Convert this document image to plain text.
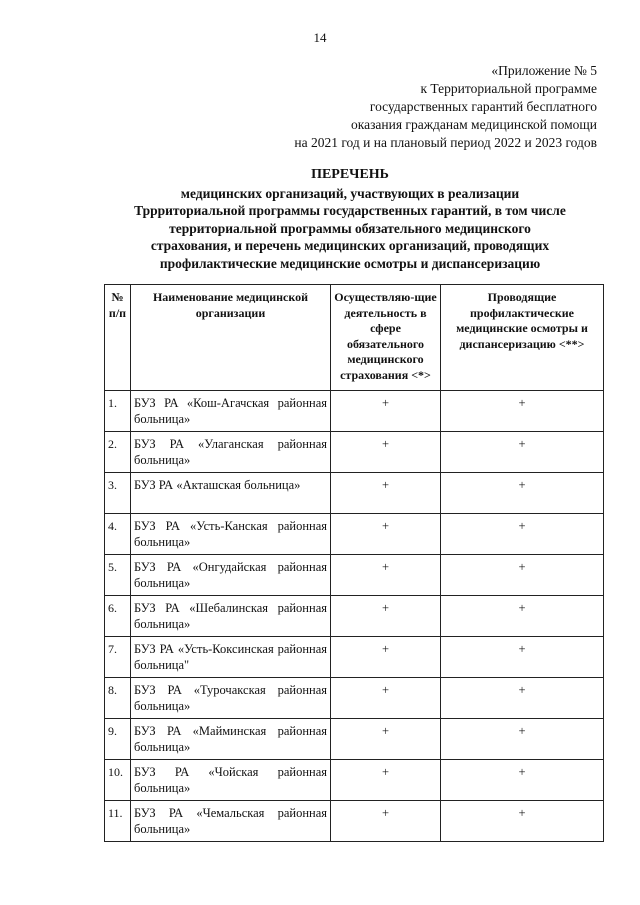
14
«Приложение № 5
к Территориальной программе
государственных гарантий бесплатного
оказания гражданам медицинской помощи
на 2021 год и на плановый период 2022 и 2023 годов
ПЕРЕЧЕНЬ
медицинских организаций, участвующих в реализации
Тррриториальной программы государственных гарантий, в том числе
территориальной программы обязательного медицинского
страхования, и перечень медицинских организаций, проводящих
профилактические медицинские осмотры и диспансеризацию
№ п/п	Наименование медицинской организации	Осуществляю-щие деятельность в сфере обязательного медицинского страхования <*>	Проводящие профилактические медицинские осмотры и диспансеризацию <**>
1.	БУЗ РА «Кош-Агачская районная больница»	+	+
2.	БУЗ РА «Улаганская районная больница»	+	+
3.	БУЗ РА «Акташская больница»	+	+
4.	БУЗ РА «Усть-Канская районная больница»	+	+
5.	БУЗ РА «Онгудайская районная больница»	+	+
6.	БУЗ РА «Шебалинская районная больница»	+	+
7.	БУЗ РА «Усть-Коксинская районная больница"	+	+
8.	БУЗ РА «Турочакская районная больница»	+	+
9.	БУЗ РА «Майминская районная больница»	+	+
10.	БУЗ РА «Чойская районная больница»	+	+
11.	БУЗ РА «Чемальская районная больница»	+	+
